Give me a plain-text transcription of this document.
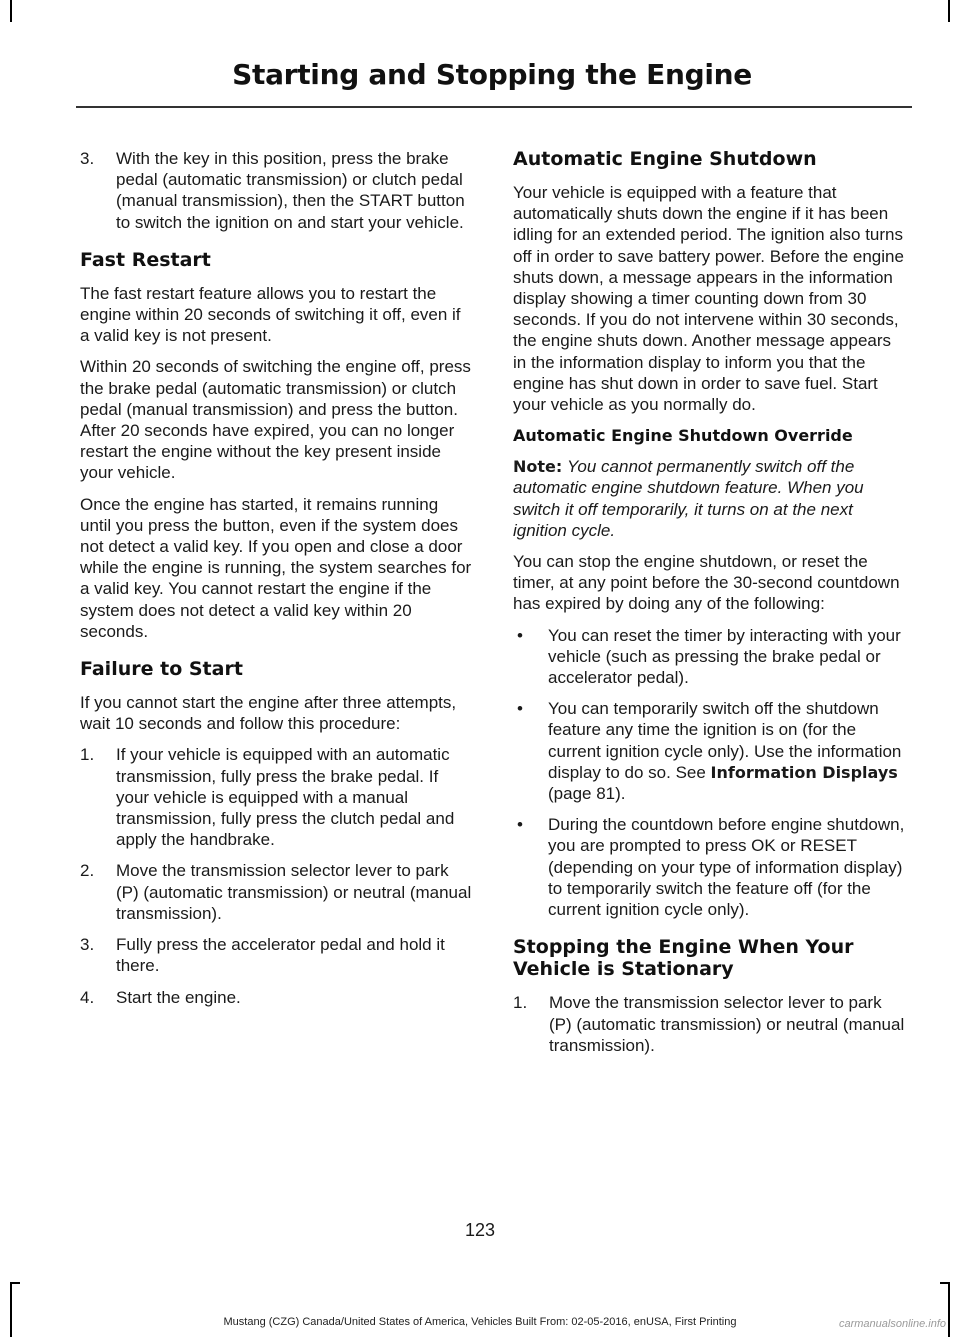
Starting and Stopping the Engine
3. With the key in this position, press the brake pedal (automatic transmission) or clutch pedal (manual transmission), then the START button to switch the ignition on and start your vehicle.
Fast Restart

The fast restart feature allows you to restart the engine within 20 seconds of switching it off, even if a valid key is not present.

Within 20 seconds of switching the engine off, press the brake pedal (automatic transmission) or clutch pedal (manual transmission) and press the button. After 20 seconds have expired, you can no longer restart the engine without the key present inside your vehicle.

Once the engine has started, it remains running until you press the button, even if the system does not detect a valid key. If you open and close a door while the engine is running, the system searches for a valid key. You cannot restart the engine if the system does not detect a valid key within 20 seconds.

Failure to Start

If you cannot start the engine after three attempts, wait 10 seconds and follow this procedure:

1. If your vehicle is equipped with an automatic transmission, fully press the brake pedal. If your vehicle is equipped with a manual transmission, fully press the clutch pedal and apply the handbrake.
2. Move the transmission selector lever to park (P) (automatic transmission) or neutral (manual transmission).
3. Fully press the accelerator pedal and hold it there.
4. Start the engine.
Automatic Engine Shutdown

Your vehicle is equipped with a feature that automatically shuts down the engine if it has been idling for an extended period. The ignition also turns off in order to save battery power. Before the engine shuts down, a message appears in the information display showing a timer counting down from 30 seconds. If you do not intervene within 30 seconds, the engine shuts down. Another message appears in the information display to inform you that the engine has shut down in order to save fuel. Start your vehicle as you normally do.

Automatic Engine Shutdown Override

Note: You cannot permanently switch off the automatic engine shutdown feature. When you switch it off temporarily, it turns on at the next ignition cycle.

You can stop the engine shutdown, or reset the timer, at any point before the 30-second countdown has expired by doing any of the following:

• You can reset the timer by interacting with your vehicle (such as pressing the brake pedal or accelerator pedal).
• You can temporarily switch off the shutdown feature any time the ignition is on (for the current ignition cycle only). Use the information display to do so. See Information Displays (page 81).
• During the countdown before engine shutdown, you are prompted to press OK or RESET (depending on your type of information display) to temporarily switch the feature off (for the current ignition cycle only).
Stopping the Engine When Your Vehicle is Stationary
1. Move the transmission selector lever to park (P) (automatic transmission) or neutral (manual transmission).
123
Mustang (CZG) Canada/United States of America, Vehicles Built From: 02-05-2016, enUSA, First Printing	carmanualsonline.info
